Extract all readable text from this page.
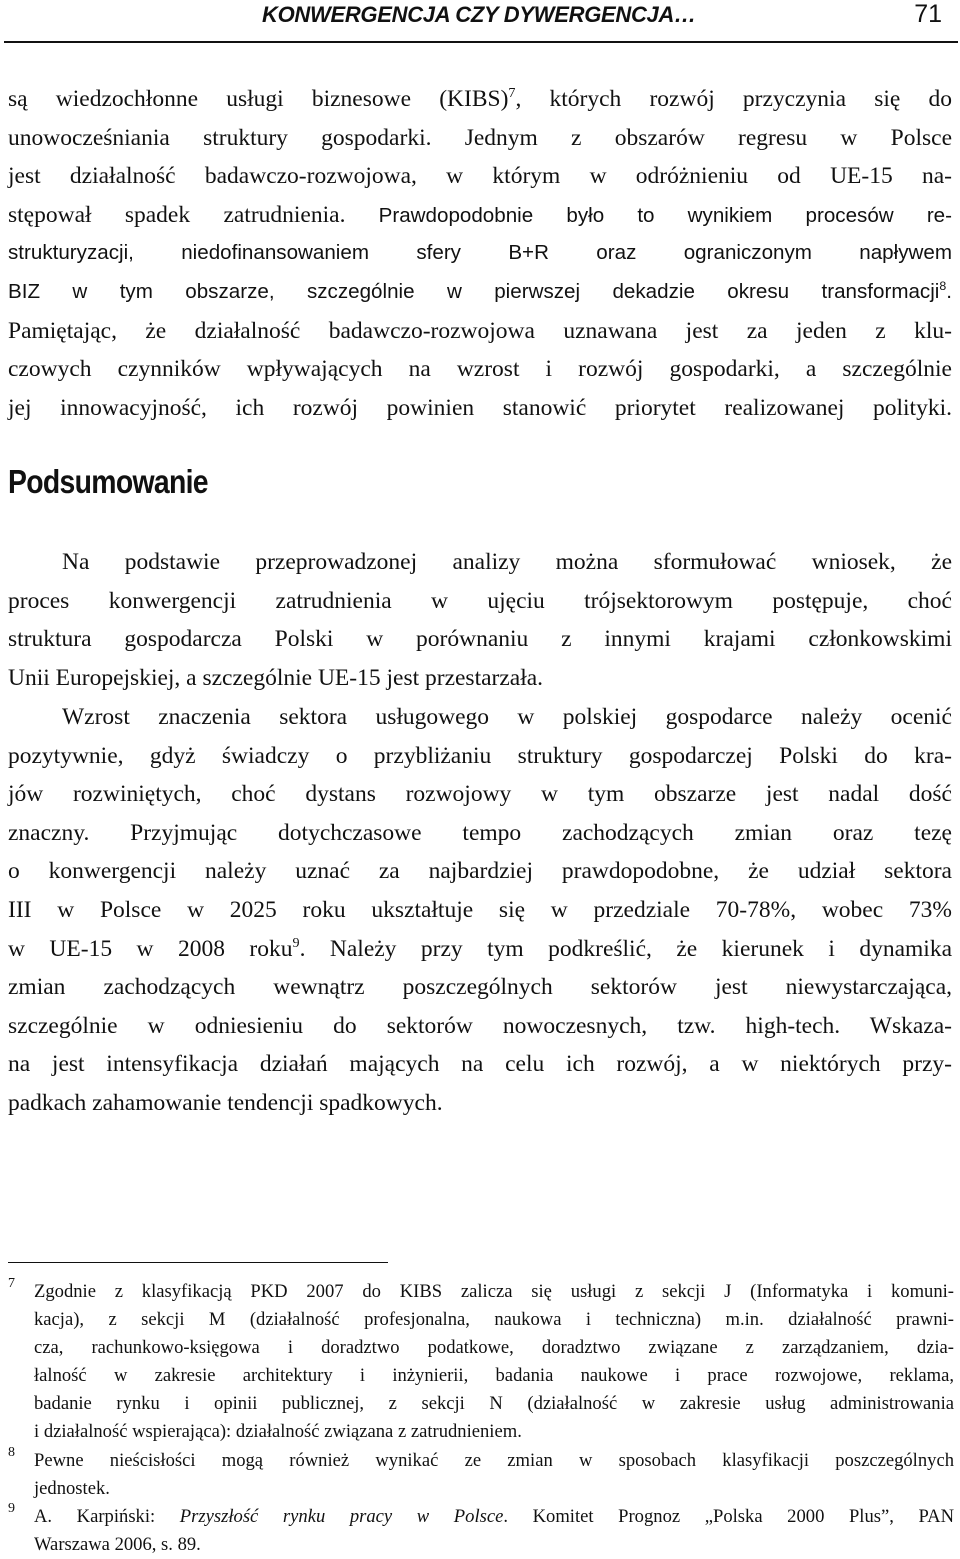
KONWERGENCJA CZY DYWERGENCJA…	71
są wiedzochłonne usługi biznesowe (KIBS)$^7$, których rozwój przyczynia się do
unowocześniania struktury gospodarki. Jednym z obszarów regresu w Polsce
jest działalność badawczo-rozwojowa, w którym w odróżnieniu od UE-15 na-
stępował spadek zatrudnienia. Prawdopodobnie było to wynikiem procesów re-
strukturyzacji, niedofinansowaniem sfery B+R oraz ograniczonym napływem
BIZ w tym obszarze, szczególnie w pierwszej dekadzie okresu transformacji$^8$.
Pamiętając, że działalność badawczo-rozwojowa uznawana jest za jeden z klu-
czowych czynników wpływających na wzrost i rozwój gospodarki, a szczególnie
jej innowacyjność, ich rozwój powinien stanowić priorytet realizowanej polityki.
Podsumowanie
Na podstawie przeprowadzonej analizy można sformułować wniosek, że
proces konwergencji zatrudnienia w ujęciu trójsektorowym postępuje, choć
struktura gospodarcza Polski w porównaniu z innymi krajami członkowskimi
Unii Europejskiej, a szczególnie UE-15 jest przestarzała.
Wzrost znaczenia sektora usługowego w polskiej gospodarce należy ocenić
pozytywnie, gdyż świadczy o przybliżaniu struktury gospodarczej Polski do kra-
jów rozwiniętych, choć dystans rozwojowy w tym obszarze jest nadal dość
znaczny. Przyjmując dotychczasowe tempo zachodzących zmian oraz tezę
o konwergencji należy uznać za najbardziej prawdopodobne, że udział sektora
III w Polsce w 2025 roku ukształtuje się w przedziale 70-78%, wobec 73%
w UE-15 w 2008 roku$^9$. Należy przy tym podkreślić, że kierunek i dynamika
zmian zachodzących wewnątrz poszczególnych sektorów jest niewystarczająca,
szczególnie w odniesieniu do sektorów nowoczesnych, tzw. high-tech. Wskaza-
na jest intensyfikacja działań mających na celu ich rozwój, a w niektórych przy-
padkach zahamowanie tendencji spadkowych.
7 Zgodnie z klasyfikacją PKD 2007 do KIBS zalicza się usługi z sekcji J (Informatyka i komuni-
kacja), z sekcji M (działalność profesjonalna, naukowa i techniczna) m.in. działalność prawni-
cza, rachunkowo-księgowa i doradztwo podatkowe, doradztwo związane z zarządzaniem, dzia-
łalność w zakresie architektury i inżynierii, badania naukowe i prace rozwojowe, reklama,
badanie rynku i opinii publicznej, z sekcji N (działalność w zakresie usług administrowania
i działalność wspierająca): działalność związana z zatrudnieniem.
8 Pewne nieścisłości mogą również wynikać ze zmian w sposobach klasyfikacji poszczególnych
jednostek.
9 A. Karpiński: Przyszłość rynku pracy w Polsce. Komitet Prognoz „Polska 2000 Plus”, PAN
Warszawa 2006, s. 89.
